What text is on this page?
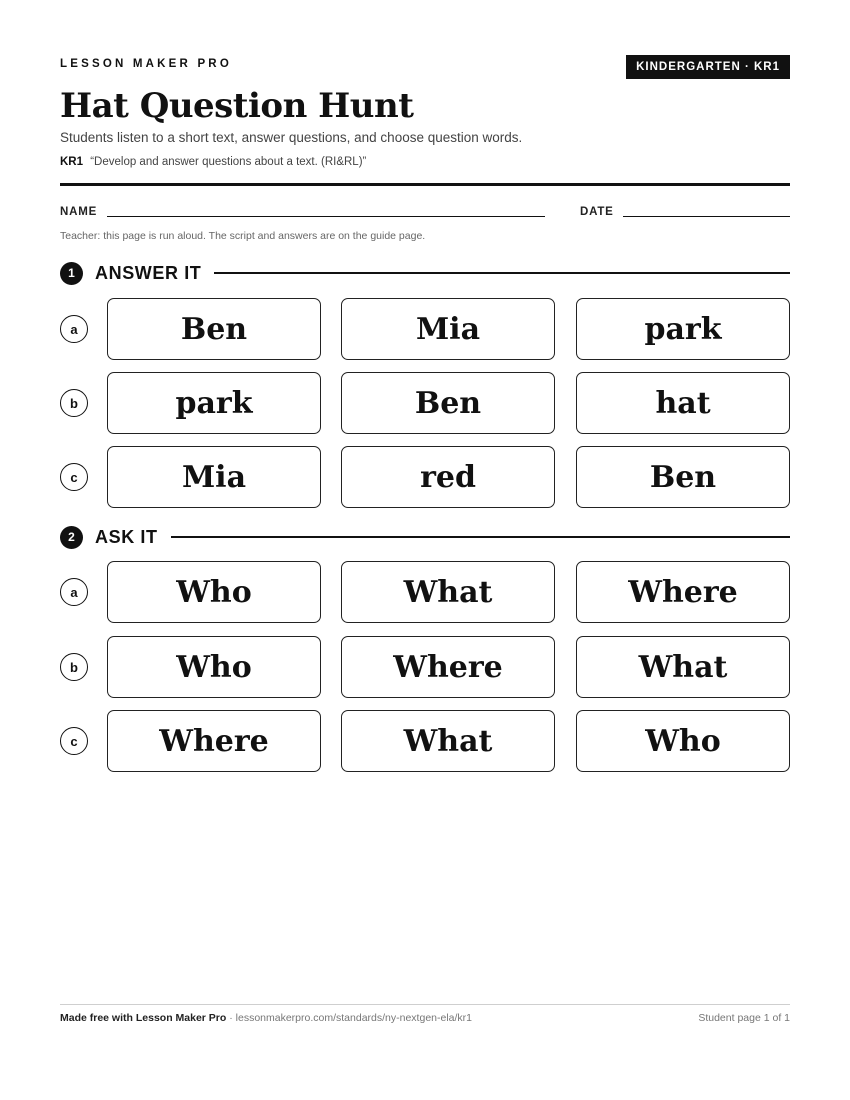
LESSON MAKER PRO	KINDERGARTEN · KR1
Hat Question Hunt
Students listen to a short text, answer questions, and choose question words.
KR1 “Develop and answer questions about a text. (RI&RL)”
NAME	DATE
Teacher: this page is run aloud. The script and answers are on the guide page.
1	ANSWER IT
a	Ben	Mia	park
b	park	Ben	hat
c	Mia	red	Ben
2	ASK IT
a	Who	What	Where
b	Who	Where	What
c	Where	What	Who
Made free with Lesson Maker Pro · lessonmakerpro.com/standards/ny-nextgen-ela/kr1	Student page 1 of 1
